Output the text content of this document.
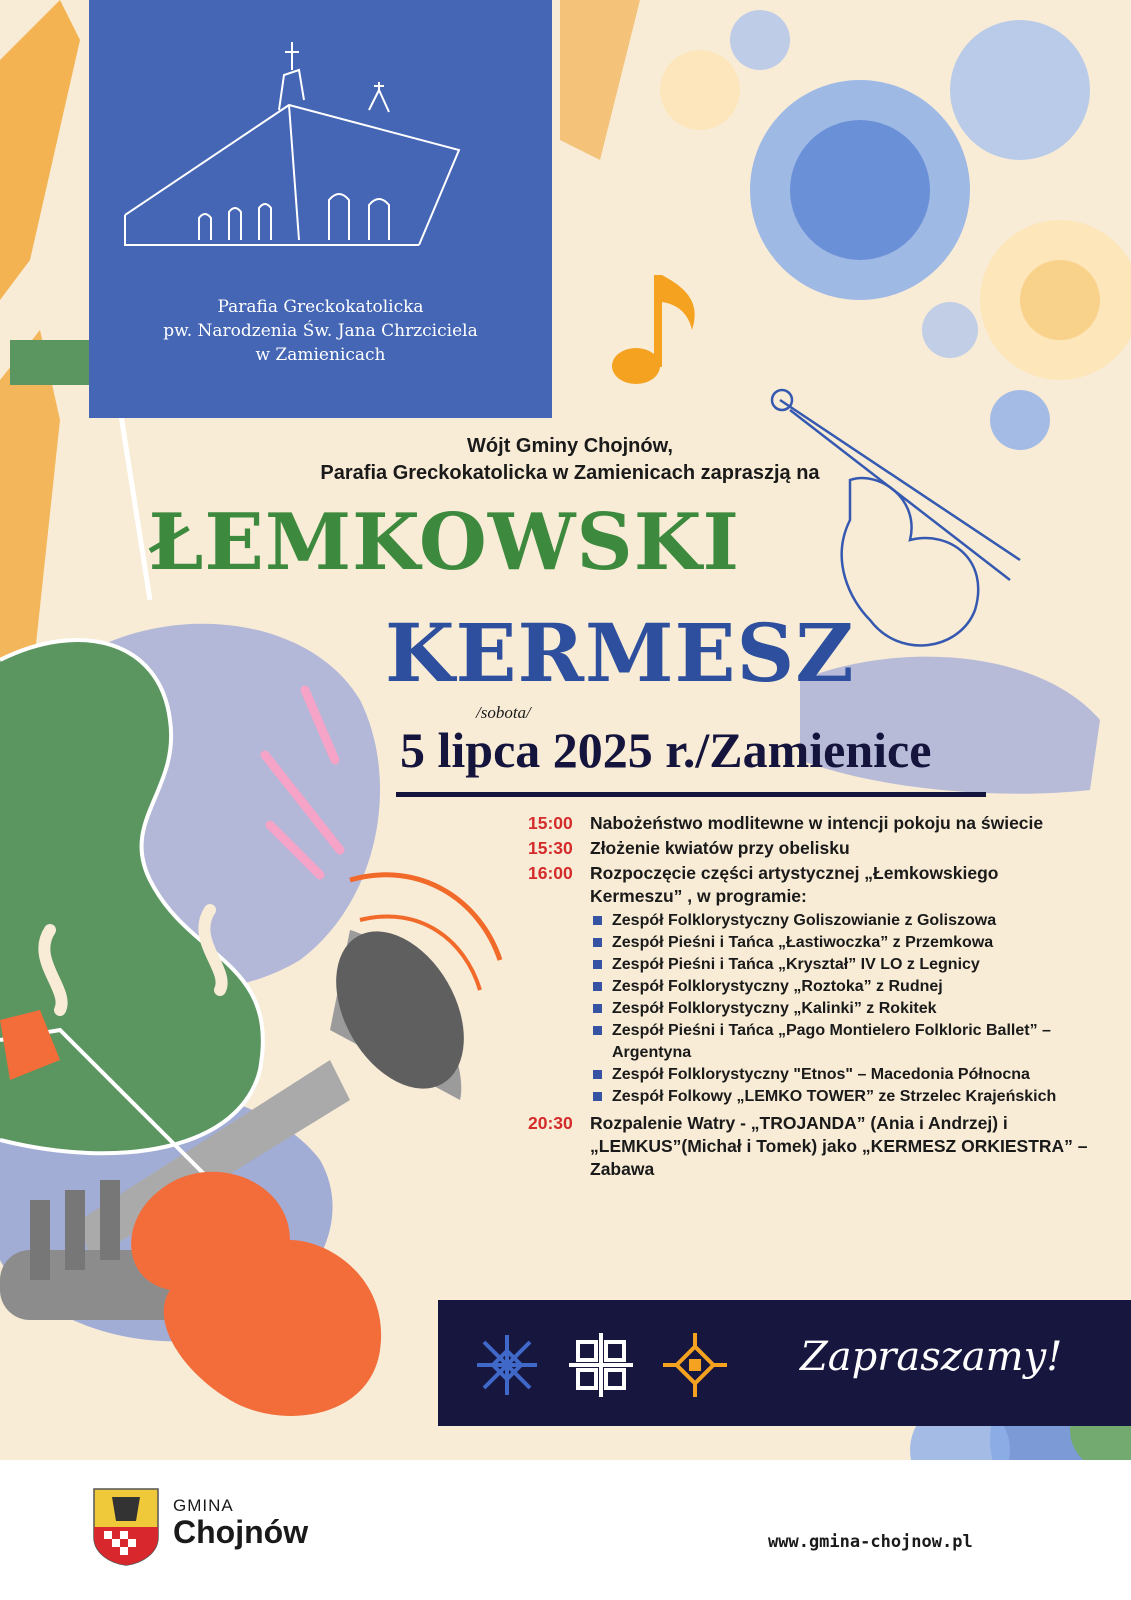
Parafia Greckokatolicka
pw. Narodzenia Św. Jana Chrzciciela
w Zamienicach
Wójt Gminy Chojnów,
Parafia Greckokatolicka w Zamienicach zapraszją na
ŁEMKOWSKI
KERMESZ
/sobota/
5 lipca 2025 r./Zamienice
15:00 Nabożeństwo modlitewne w intencji pokoju na świecie
15:30 Złożenie kwiatów przy obelisku
16:00 Rozpoczęcie części artystycznej „Łemkowskiego Kermeszu” , w programie:
Zespół Folklorystyczny Goliszowianie z Goliszowa
Zespół Pieśni i Tańca „Łastiwoczka” z Przemkowa
Zespół Pieśni i Tańca „Kryształ” IV LO z Legnicy
Zespół Folklorystyczny „Roztoka” z Rudnej
Zespół Folklorystyczny „Kalinki” z Rokitek
Zespół Pieśni i Tańca „Pago Montielero Folkloric Ballet” – Argentyna
Zespół Folklorystyczny "Etnos" – Macedonia Północna
Zespół Folkowy „LEMKO TOWER” ze Strzelec Krajeńskich
20:30 Rozpalenie Watry - „TROJANDA” (Ania i Andrzej) i „LEMKUS”(Michał i Tomek) jako „KERMESZ ORKIESTRA” – Zabawa
Zapraszamy!
GMINA
Chojnów	www.gmina-chojnow.pl
